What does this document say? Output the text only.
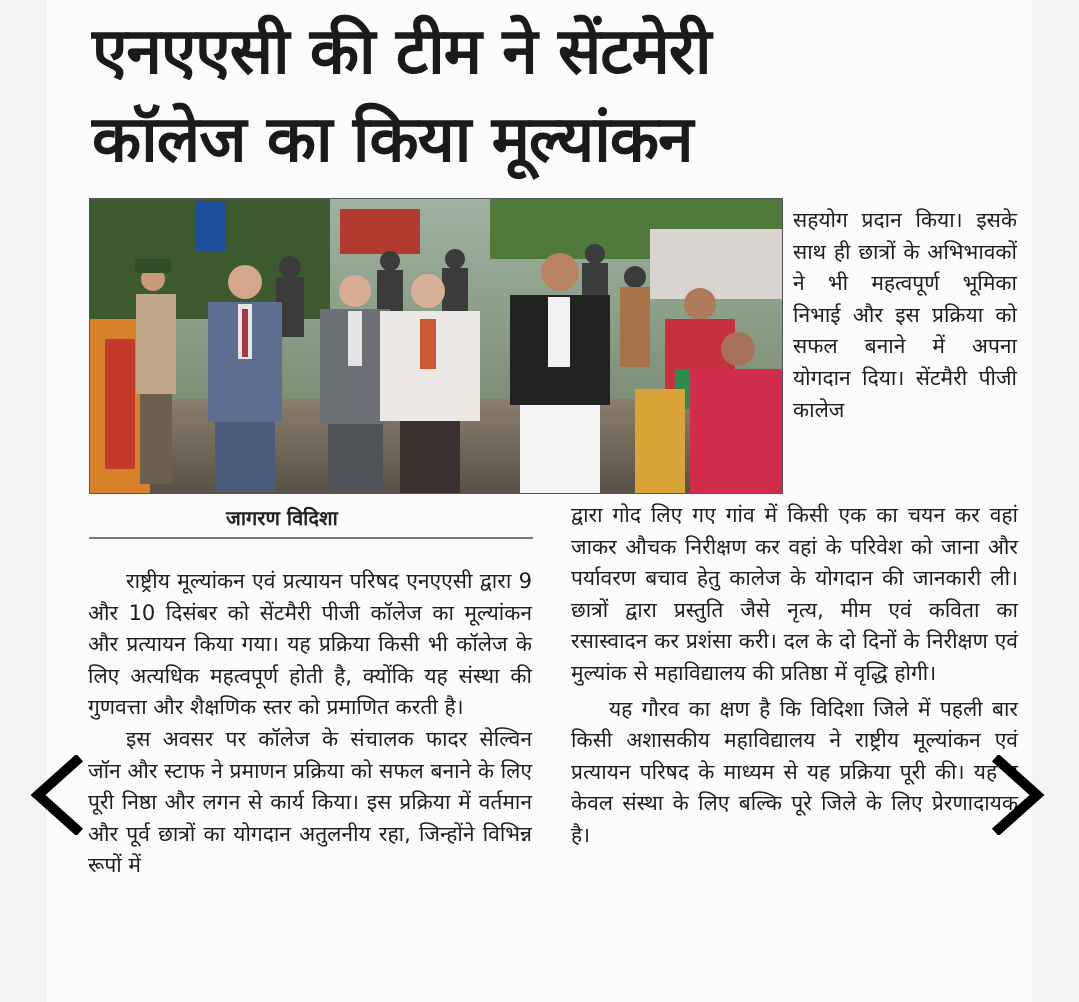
एनएएसी की टीम ने सेंटमेरी
कॉलेज का किया मूल्यांकन

सहयोग प्रदान किया। इसके साथ ही छात्रों के अभिभावकों ने भी महत्वपूर्ण भूमिका निभाई और इस प्रक्रिया को सफल बनाने में अपना योगदान दिया। सेंटमैरी पीजी कालेज

जागरण विदिशा

राष्ट्रीय मूल्यांकन एवं प्रत्यायन परिषद एनएएसी द्वारा 9 और 10 दिसंबर को सेंटमैरी पीजी कॉलेज का मूल्यांकन और प्रत्यायन किया गया। यह प्रक्रिया किसी भी कॉलेज के लिए अत्यधिक महत्वपूर्ण होती है, क्योंकि यह संस्था की गुणवत्ता और शैक्षणिक स्तर को प्रमाणित करती है।

इस अवसर पर कॉलेज के संचालक फादर सेल्विन जॉन और स्टाफ ने प्रमाणन प्रक्रिया को सफल बनाने के लिए पूरी निष्ठा और लगन से कार्य किया। इस प्रक्रिया में वर्तमान और पूर्व छात्रों का योगदान अतुलनीय रहा, जिन्होंने विभिन्न रूपों में

द्वारा गोद लिए गए गांव में किसी एक का चयन कर वहां जाकर औचक निरीक्षण कर वहां के परिवेश को जाना और पर्यावरण बचाव हेतु कालेज के योगदान की जानकारी ली। छात्रों द्वारा प्रस्तुति जैसे नृत्य, मीम एवं कविता का रसास्वादन कर प्रशंसा करी। दल के दो दिनों के निरीक्षण एवं मुल्यांक से महाविद्यालय की प्रतिष्ठा में वृद्धि होगी।

यह गौरव का क्षण है कि विदिशा जिले में पहली बार किसी अशासकीय महाविद्यालय ने राष्ट्रीय मूल्यांकन एवं प्रत्यायन परिषद के माध्यम से यह प्रक्रिया पूरी की। यह न केवल संस्था के लिए बल्कि पूरे जिले के लिए प्रेरणादायक है।
